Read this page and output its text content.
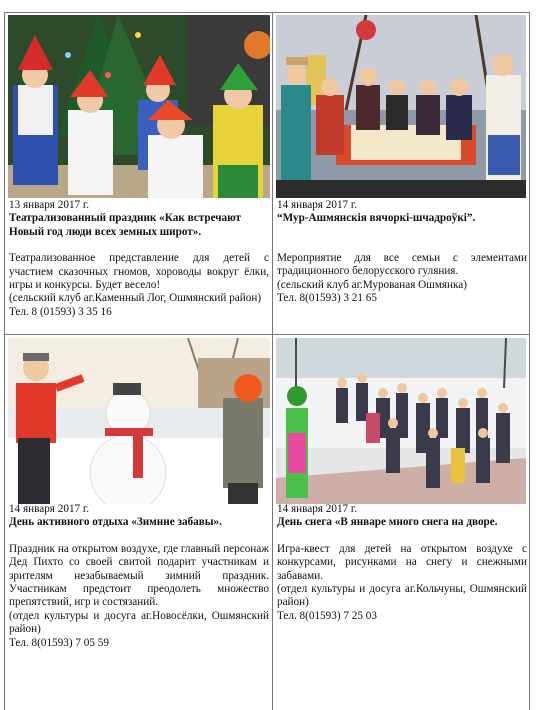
13 января 2017 г.
Театрализованный праздник «Как встречают Новый год люди всех земных широт».
Театрализованное представление для детей с участием сказочных гномов, хороводы вокруг ёлки, игры и конкурсы. Будет весело!
(сельский клуб аг.Каменный Лог, Ошмянский район)
Тел. 8 (01593) 3 35 16
14 января 2017 г.
“Мур-Ашмянскія вячоркі-шчадроўкі”.
Мероприятие для все семьи с элементами традиционного белорусского гуляния.
(сельский клуб аг.Мурованая Ошмянка)
Тел. 8(01593) 3 21 65
14 января 2017 г.
День активного отдыха «Зимние забавы».
Праздник на открытом воздухе, где главный персонаж Дед Пихто со своей свитой подарит участникам и зрителям незабываемый зимний праздник. Участникам предстоит преодолеть множество препятствий, игр и состязаний.
(отдел культуры и досуга аг.Новосёлки, Ошмянский район)
Тел. 8(01593) 7 05 59
14 января 2017 г.
День снега «В январе много снега на дворе.
Игра-квест для детей на открытом воздухе с конкурсами, рисунками на снегу и снежными забавами.
(отдел культуры и досуга аг.Кольчуны, Ошмянский район)
Тел. 8(01593) 7 25 03
